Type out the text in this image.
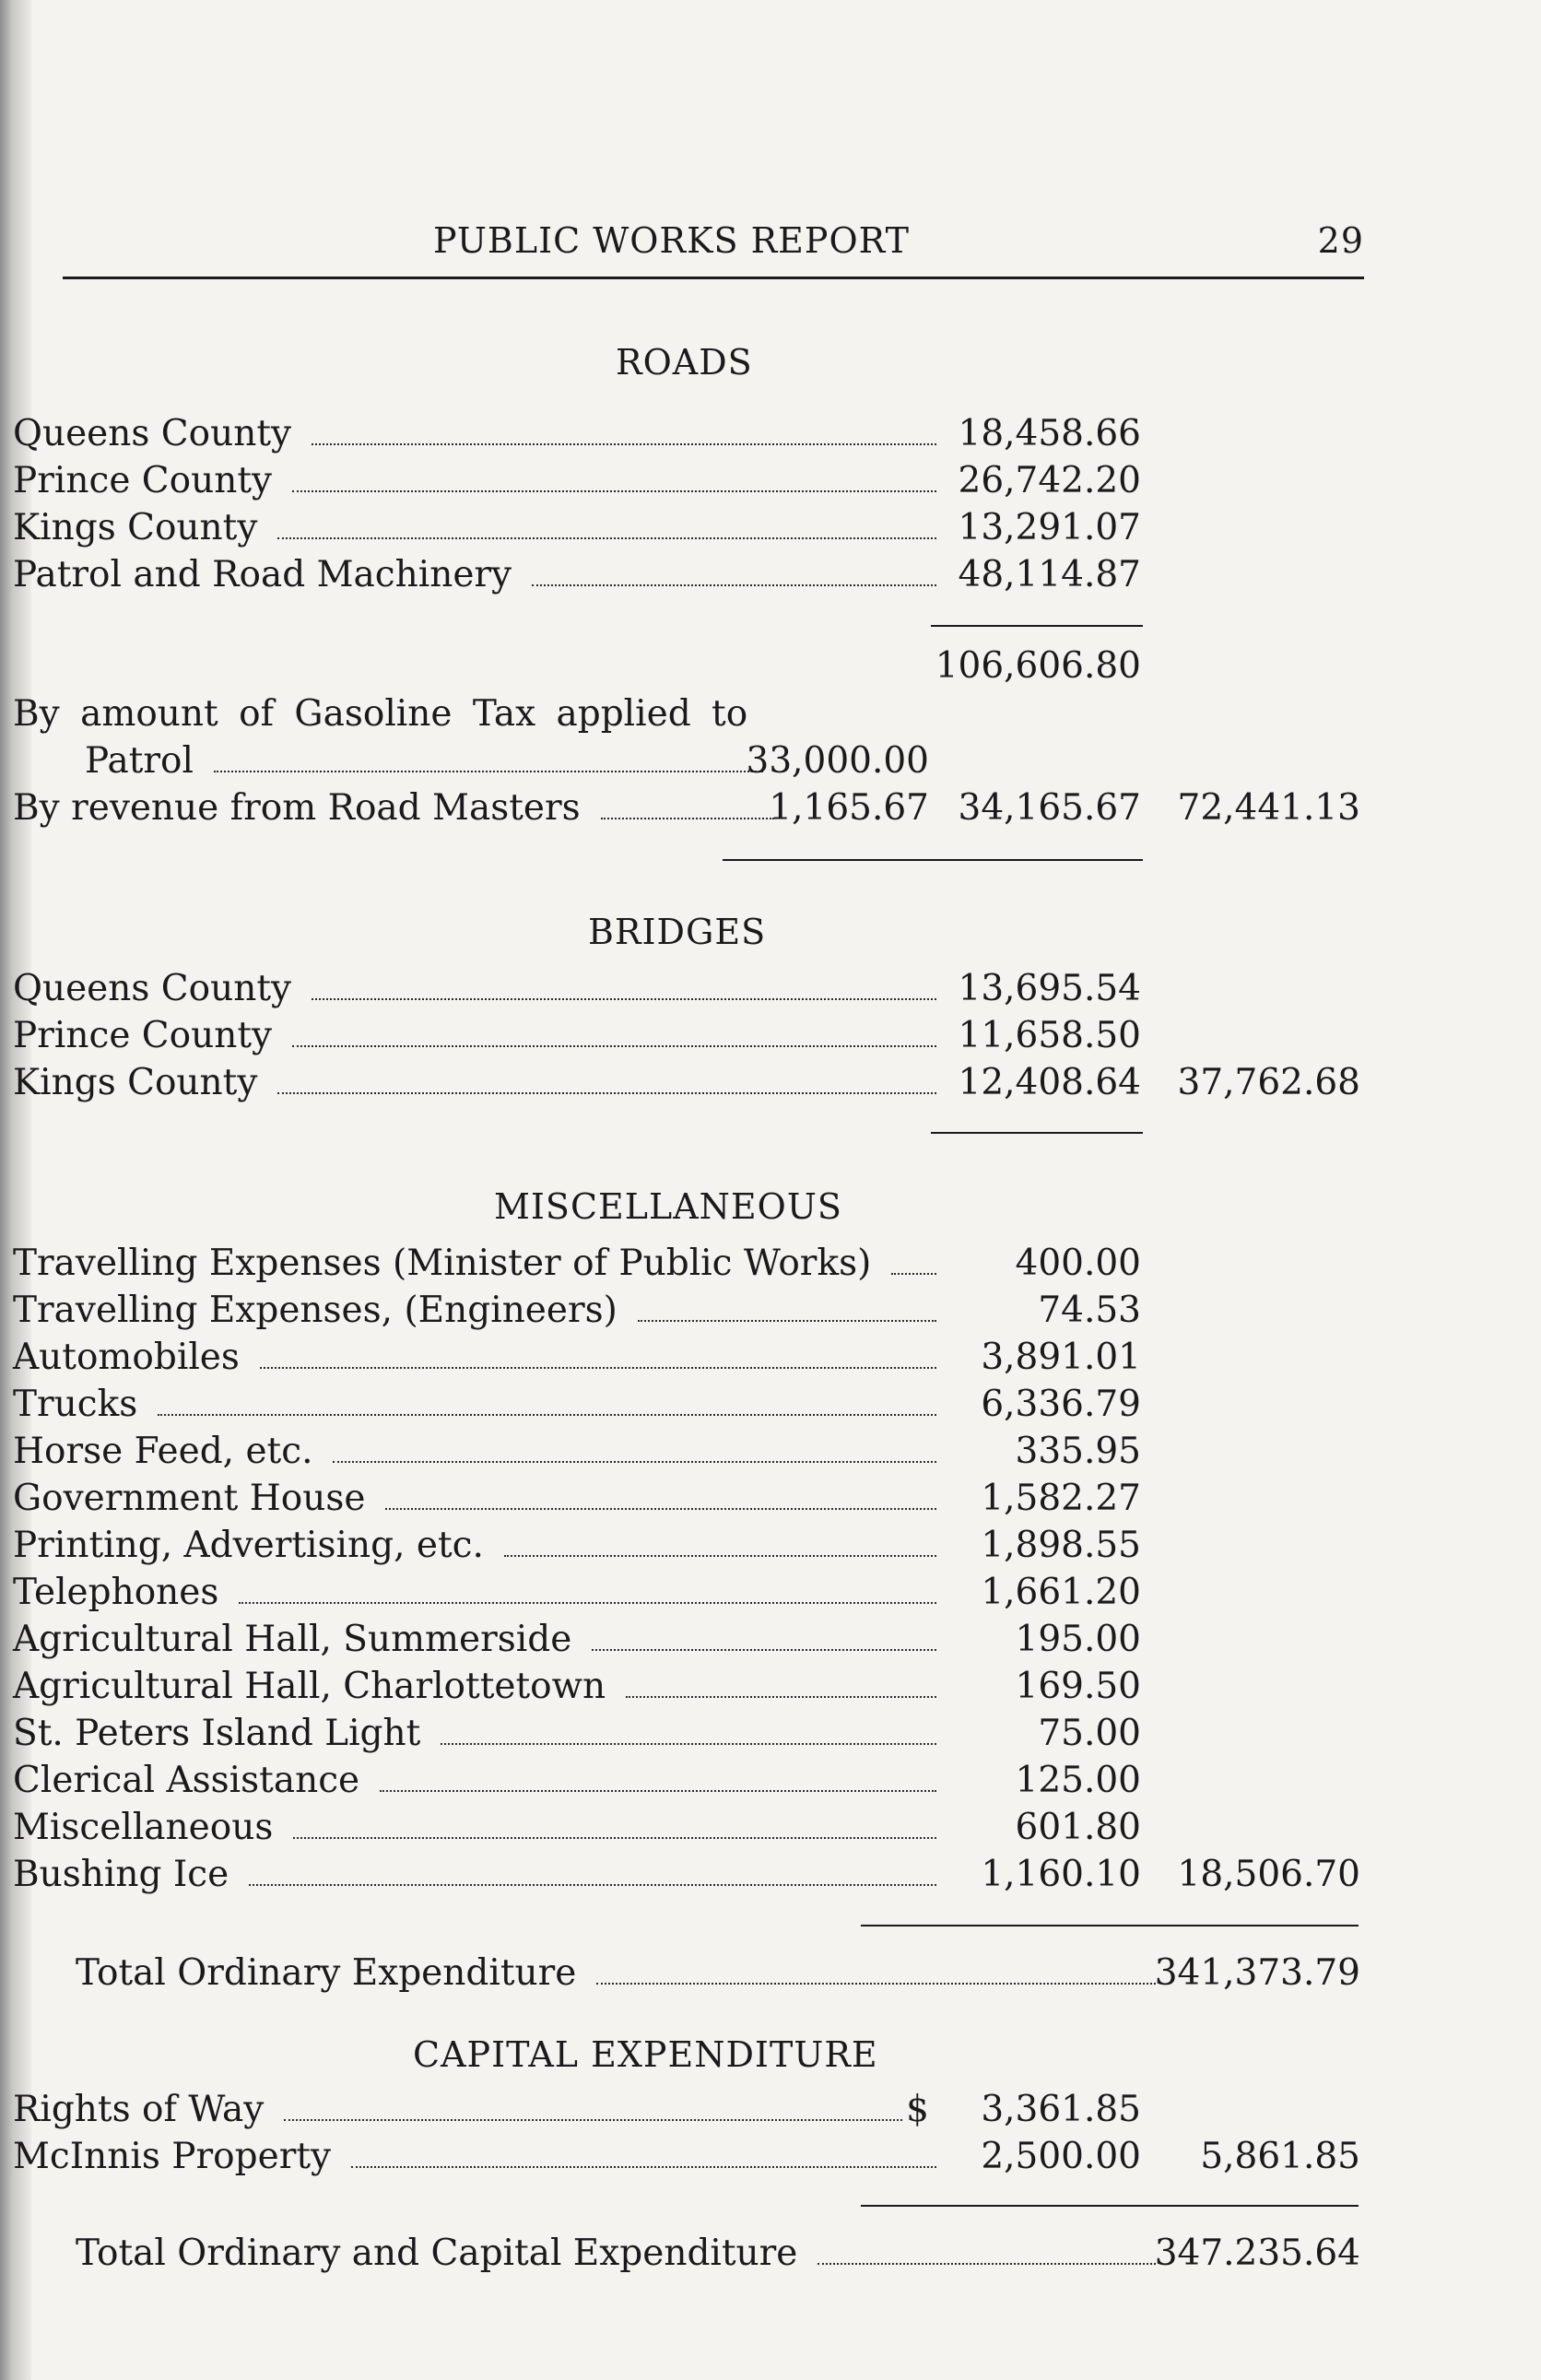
PUBLIC WORKS REPORT	29
ROADS
Queens County	18,458.66
Prince County	26,742.20
Kings County	13,291.07
Patrol and Road Machinery	48,114.87
106,606.80
By amount of Gasoline Tax applied to
Patrol	33,000.00
By revenue from Road Masters	1,165.67 34,165.67	72,441.13
BRIDGES
Queens County	13,695.54
Prince County	11,658.50
Kings County	12,408.64	37,762.68
MISCELLANEOUS
Travelling Expenses (Minister of Public Works)	400.00
Travelling Expenses, (Engineers)	74.53
Automobiles	3,891.01
Trucks	6,336.79
Horse Feed, etc.	335.95
Government House	1,582.27
Printing, Advertising, etc.	1,898.55
Telephones	1,661.20
Agricultural Hall, Summerside	195.00
Agricultural Hall, Charlottetown	169.50
St. Peters Island Light	75.00
Clerical Assistance	125.00
Miscellaneous	601.80
Bushing Ice	1,160.10	18,506.70
Total Ordinary Expenditure	341,373.79
CAPITAL EXPENDITURE
Rights of Way	$	3,361.85
McInnis Property	2,500.00	5,861.85
Total Ordinary and Capital Expenditure	347.235.64
